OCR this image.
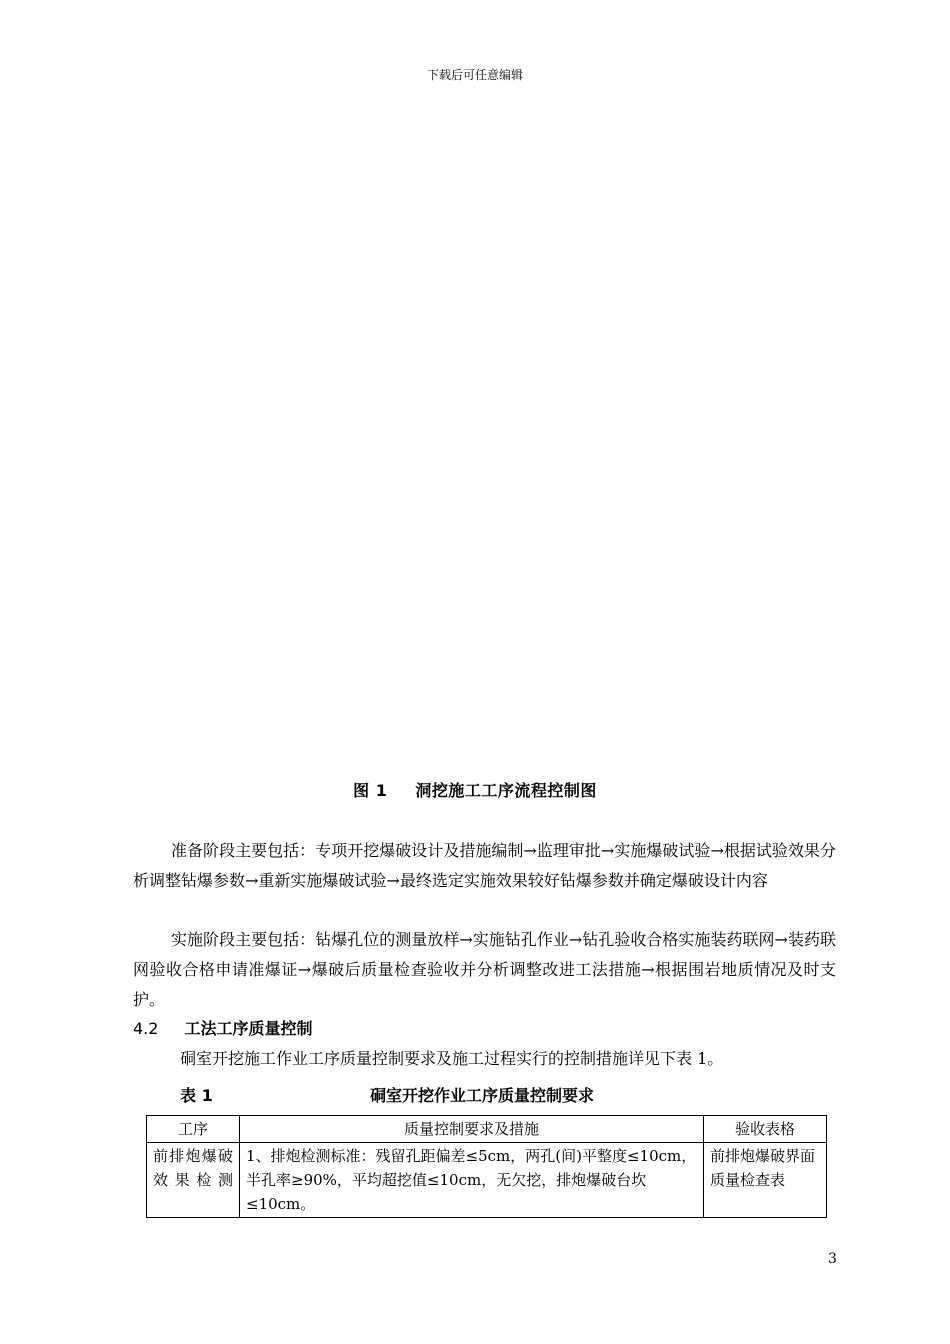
下载后可任意编辑
图 1 洞挖施工工序流程控制图
准备阶段主要包括：专项开挖爆破设计及措施编制→监理审批→实施爆破试验→根据试验效果分析调整钻爆参数→重新实施爆破试验→最终选定实施效果较好钻爆参数并确定爆破设计内容
实施阶段主要包括：钻爆孔位的测量放样→实施钻孔作业→钻孔验收合格实施装药联网→装药联网验收合格申请准爆证→爆破后质量检查验收并分析调整改进工法措施→根据围岩地质情况及时支护。
4.2 工法工序质量控制
硐室开挖施工作业工序质量控制要求及施工过程实行的控制措施详见下表 1。
表 1	硐室开挖作业工序质量控制要求
工序	质量控制要求及措施	验收表格
前排炮爆破效果检测	1、排炮检测标准：残留孔距偏差≤5cm，两孔(间)平整度≤10cm，半孔率≥90%，平均超挖值≤10cm，无欠挖，排炮爆破台坎≤10cm。	前排炮爆破界面质量检查表
3
